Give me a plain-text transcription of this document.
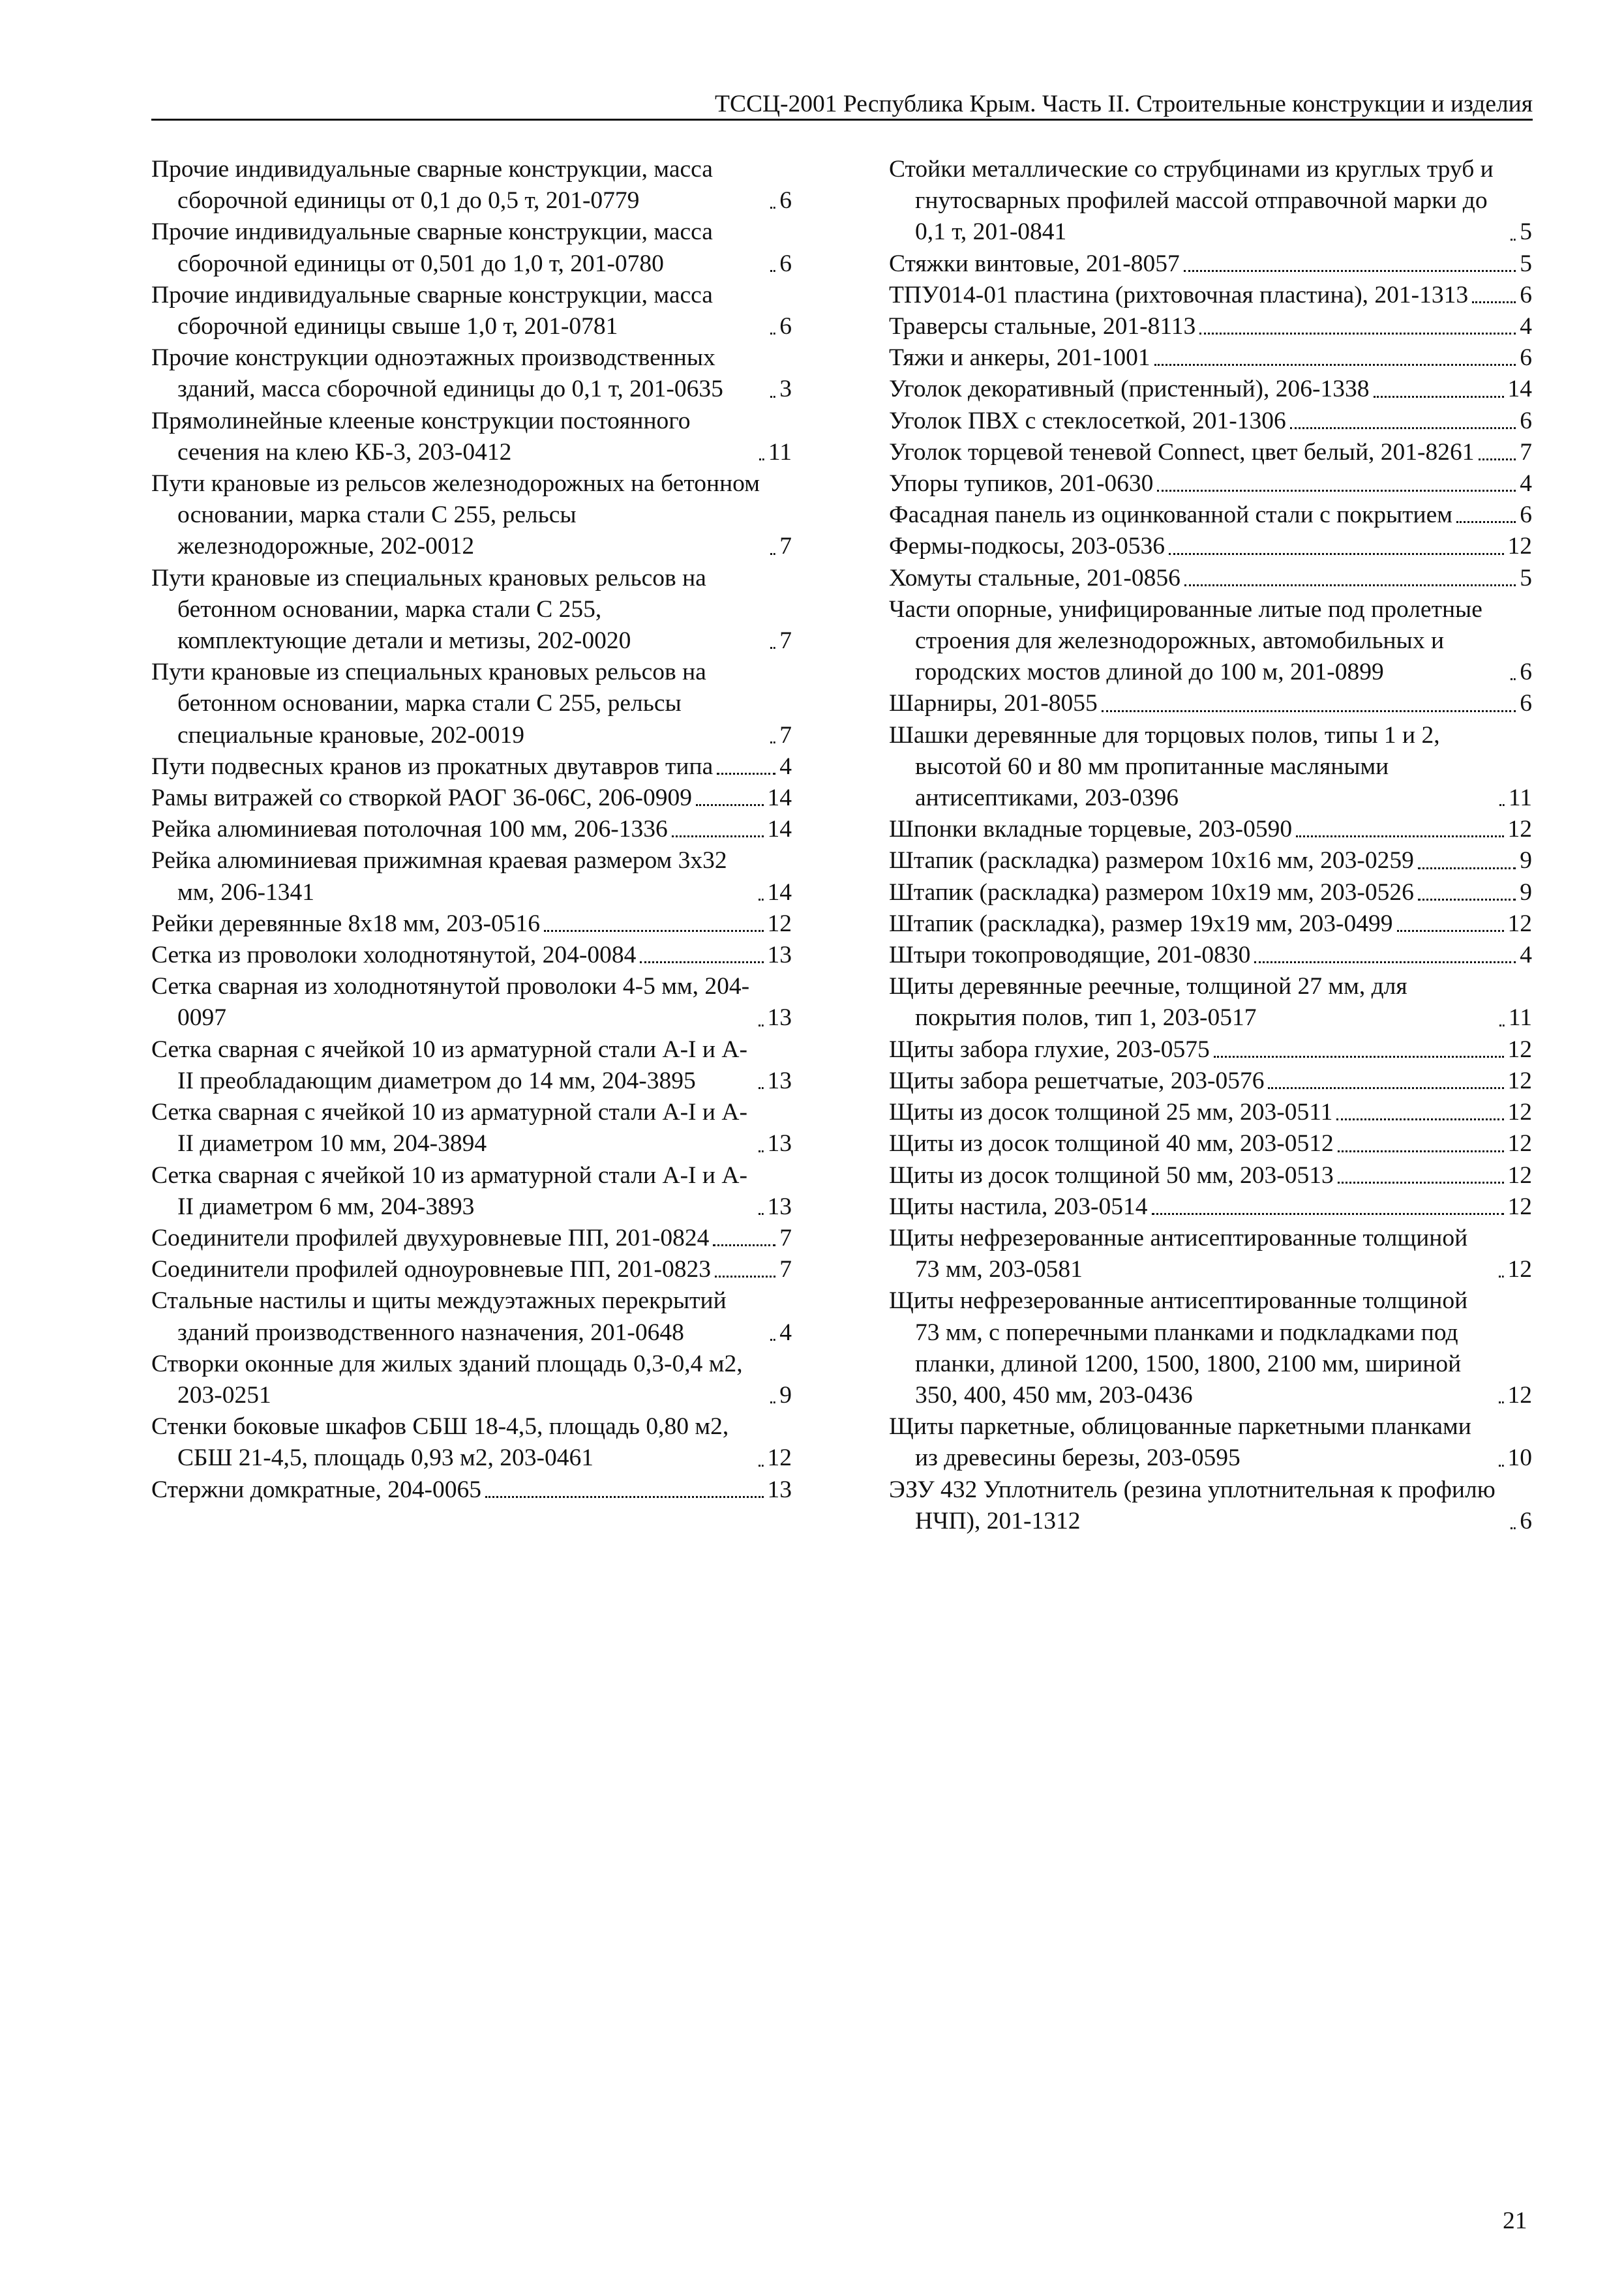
ТССЦ-2001 Республика Крым. Часть II. Строительные конструкции и изделия
Прочие индивидуальные сварные конструкции, масса сборочной единицы от 0,1 до 0,5 т, 201-0779	6
Прочие индивидуальные сварные конструкции, масса сборочной единицы от 0,501 до 1,0 т, 201-0780	6
Прочие индивидуальные сварные конструкции, масса сборочной единицы свыше 1,0 т, 201-0781	6
Прочие конструкции одноэтажных производственных зданий, масса сборочной единицы до 0,1 т, 201-0635	3
Прямолинейные клееные конструкции постоянного сечения на клею КБ-3, 203-0412	11
Пути крановые из рельсов железнодорожных на бетонном основании, марка стали С 255, рельсы железнодорожные, 202-0012	7
Пути крановые из специальных крановых рельсов на бетонном основании, марка стали С 255, комплектующие детали и метизы, 202-0020	7
Пути крановые из специальных крановых рельсов на бетонном основании, марка стали С 255, рельсы специальные крановые, 202-0019	7
Пути подвесных кранов из прокатных двутавров типа	4
Рамы витражей со створкой РАОГ 36-06С, 206-0909	14
Рейка алюминиевая потолочная 100 мм, 206-1336	14
Рейка алюминиевая прижимная краевая размером 3х32 мм, 206-1341	14
Рейки деревянные 8х18 мм, 203-0516	12
Сетка из проволоки холоднотянутой, 204-0084	13
Сетка сварная из холоднотянутой проволоки 4-5 мм, 204-0097	13
Сетка сварная с ячейкой 10 из арматурной стали А-I и А-II преобладающим диаметром до 14 мм, 204-3895	13
Сетка сварная с ячейкой 10 из арматурной стали А-I и А-II диаметром 10 мм, 204-3894	13
Сетка сварная с ячейкой 10 из арматурной стали А-I и А-II диаметром 6 мм, 204-3893	13
Соединители профилей двухуровневые ПП, 201-0824	7
Соединители профилей одноуровневые ПП, 201-0823	7
Стальные настилы и щиты междуэтажных перекрытий зданий производственного назначения, 201-0648	4
Створки оконные для жилых зданий площадь 0,3-0,4 м2, 203-0251	9
Стенки боковые шкафов СБШ 18-4,5, площадь 0,80 м2, СБШ 21-4,5, площадь 0,93 м2, 203-0461	12
Стержни домкратные, 204-0065	13
Стойки металлические со струбцинами из круглых труб и гнутосварных профилей массой отправочной марки до 0,1 т, 201-0841	5
Стяжки винтовые, 201-8057	5
ТПУ014-01 пластина (рихтовочная пластина), 201-1313 6
Траверсы стальные, 201-8113	4
Тяжи и анкеры, 201-1001	6
Уголок декоративный (пристенный), 206-1338	14
Уголок ПВХ с стеклосеткой, 201-1306	6
Уголок торцевой теневой Connect, цвет белый, 201-8261 7
Упоры тупиков, 201-0630	4
Фасадная панель из оцинкованной стали с покрытием	6
Фермы-подкосы, 203-0536	12
Хомуты стальные, 201-0856	5
Части опорные, унифицированные литые под пролетные строения для железнодорожных, автомобильных и городских мостов длиной до 100 м, 201-0899	6
Шарниры, 201-8055	6
Шашки деревянные для торцовых полов, типы 1 и 2, высотой 60 и 80 мм пропитанные масляными антисептиками, 203-0396	11
Шпонки вкладные торцевые, 203-0590	12
Штапик (раскладка) размером 10х16 мм, 203-0259	9
Штапик (раскладка) размером 10х19 мм, 203-0526	9
Штапик (раскладка), размер 19х19 мм, 203-0499	12
Штыри токопроводящие, 201-0830	4
Щиты деревянные реечные, толщиной 27 мм, для покрытия полов, тип 1, 203-0517	11
Щиты забора глухие, 203-0575	12
Щиты забора решетчатые, 203-0576	12
Щиты из досок толщиной 25 мм, 203-0511	12
Щиты из досок толщиной 40 мм, 203-0512	12
Щиты из досок толщиной 50 мм, 203-0513	12
Щиты настила, 203-0514	12
Щиты нефрезерованные антисептированные толщиной 73 мм, 203-0581	12
Щиты нефрезерованные антисептированные толщиной 73 мм, с поперечными планками и подкладками под планки, длиной 1200, 1500, 1800, 2100 мм, шириной 350, 400, 450 мм, 203-0436	12
Щиты паркетные, облицованные паркетными планками из древесины березы, 203-0595	10
ЭЗУ 432 Уплотнитель (резина уплотнительная к профилю НЧП), 201-1312	6
21
